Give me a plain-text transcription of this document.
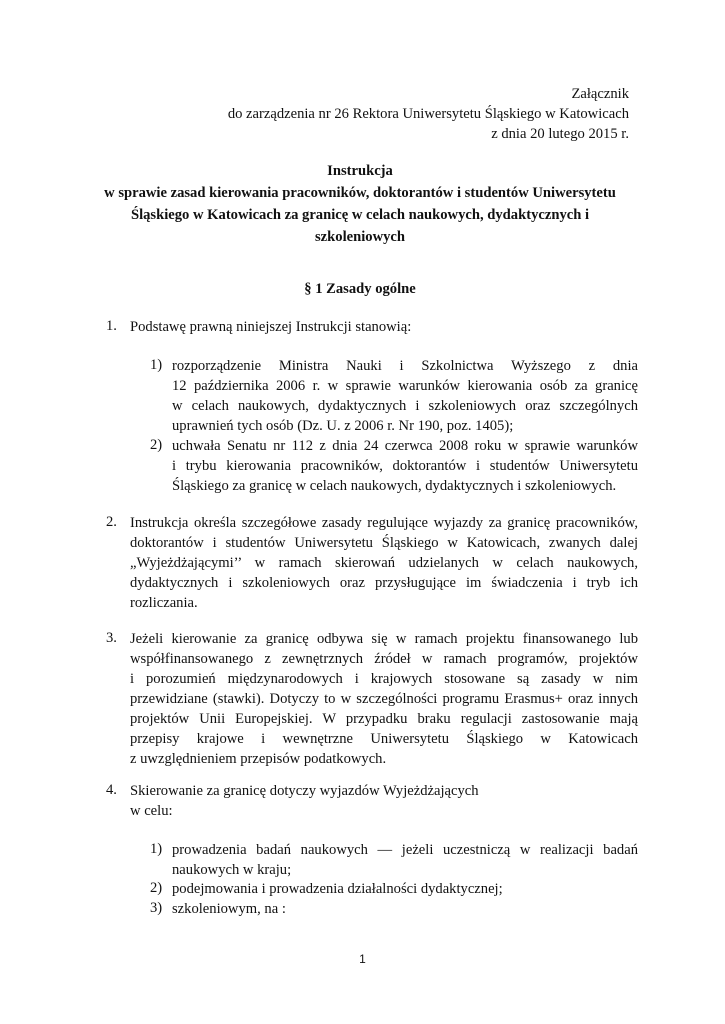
Załącznik
do zarządzenia nr 26 Rektora Uniwersytetu Śląskiego w Katowicach
z dnia 20 lutego 2015 r.
Instrukcja
w sprawie zasad kierowania pracowników, doktorantów i studentów Uniwersytetu
Śląskiego w Katowicach za granicę w celach naukowych, dydaktycznych i
szkoleniowych
§ 1 Zasady ogólne
1. Podstawę prawną niniejszej Instrukcji stanowią:
1) rozporządzenie Ministra Nauki i Szkolnictwa Wyższego z dnia
12 października 2006 r. w sprawie warunków kierowania osób za granicę
w celach naukowych, dydaktycznych i szkoleniowych oraz szczególnych
uprawnień tych osób (Dz. U. z 2006 r. Nr 190, poz. 1405);
2) uchwała Senatu nr 112 z dnia 24 czerwca 2008 roku w sprawie warunków
i trybu kierowania pracowników, doktorantów i studentów Uniwersytetu
Śląskiego za granicę w celach naukowych, dydaktycznych i szkoleniowych.
2. Instrukcja określa szczegółowe zasady regulujące wyjazdy za granicę pracowników,
doktorantów i studentów Uniwersytetu Śląskiego w Katowicach, zwanych dalej
„Wyjeżdżającymi’’ w ramach skierowań udzielanych w celach naukowych,
dydaktycznych i szkoleniowych oraz przysługujące im świadczenia i tryb ich
rozliczania.
3. Jeżeli kierowanie za granicę odbywa się w ramach projektu finansowanego lub
współfinansowanego z zewnętrznych źródeł w ramach programów, projektów
i porozumień międzynarodowych i krajowych stosowane są zasady w nim
przewidziane (stawki). Dotyczy to w szczególności programu Erasmus+ oraz innych
projektów Unii Europejskiej. W przypadku braku regulacji zastosowanie mają
przepisy krajowe i wewnętrzne Uniwersytetu Śląskiego w Katowicach
z uwzględnieniem przepisów podatkowych.
4. Skierowanie za granicę dotyczy wyjazdów Wyjeżdżających
w celu:
1) prowadzenia badań naukowych — jeżeli uczestniczą w realizacji badań
naukowych w kraju;
2) podejmowania i prowadzenia działalności dydaktycznej;
3) szkoleniowym, na :
1
